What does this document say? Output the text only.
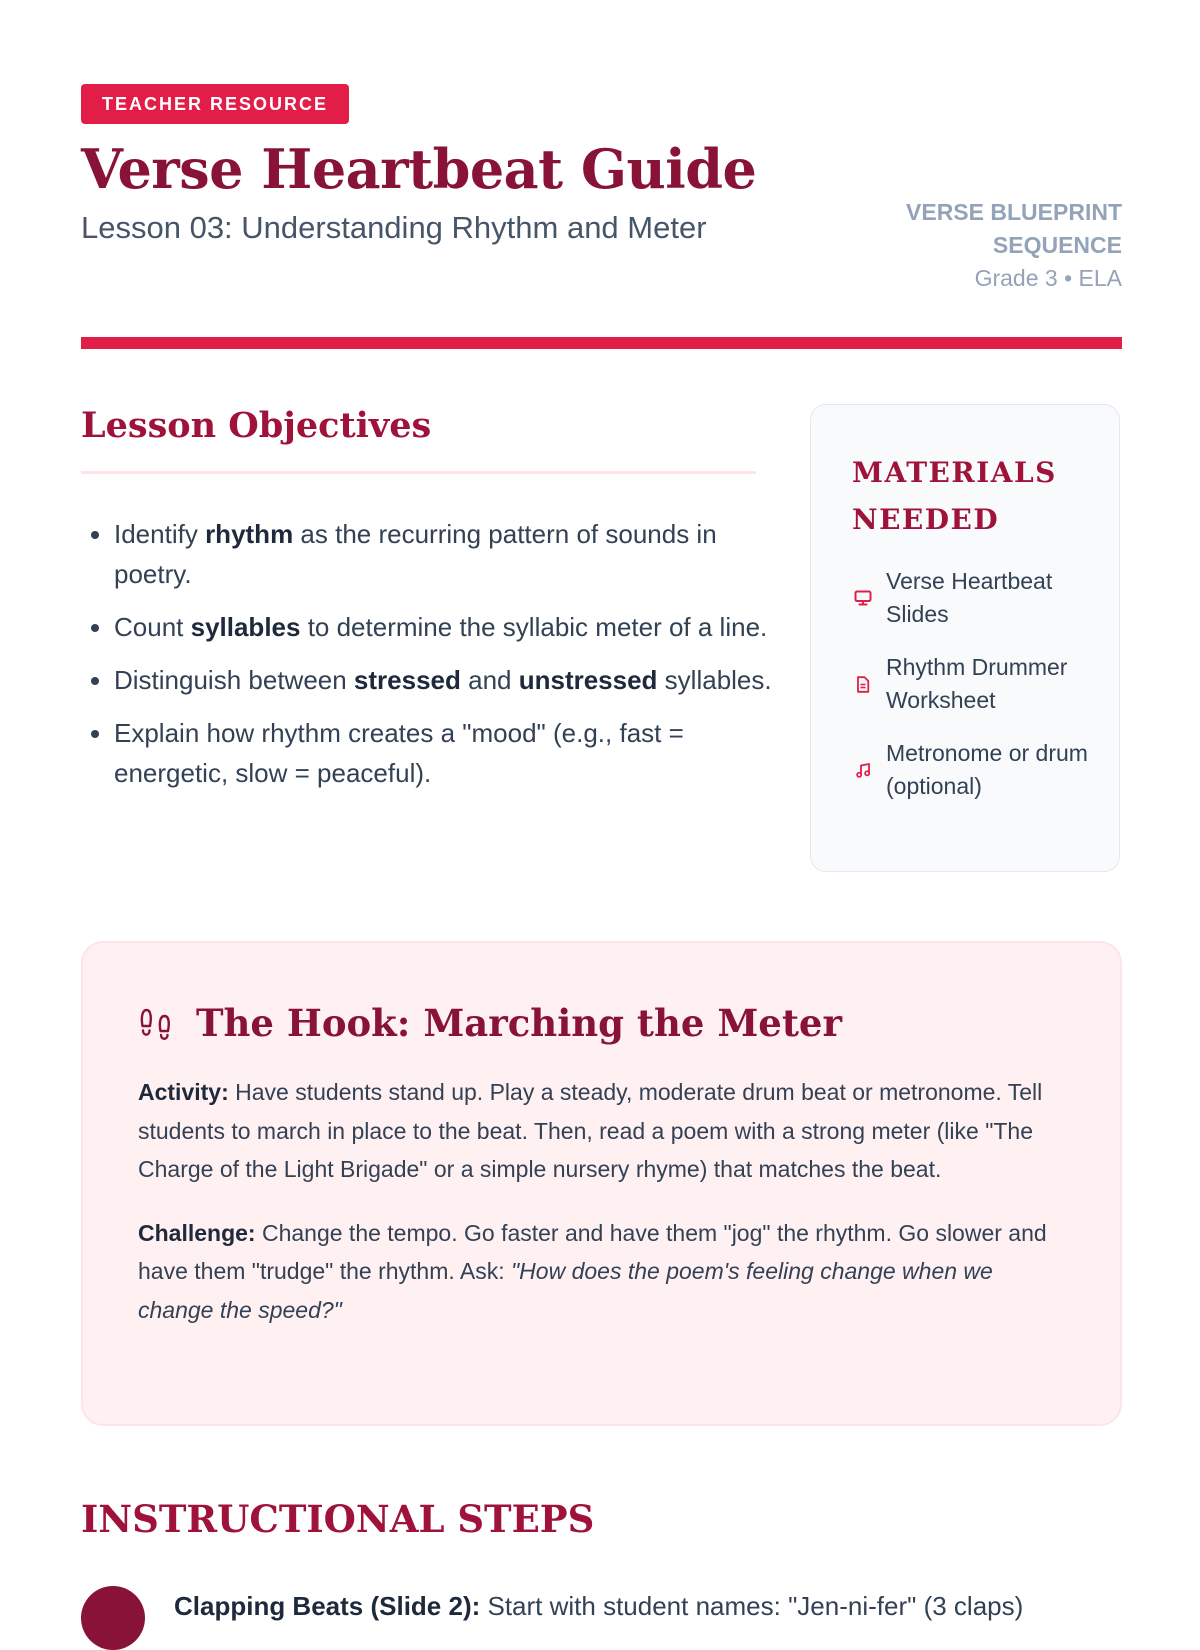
TEACHER RESOURCE
Verse Heartbeat Guide
Lesson 03: Understanding Rhythm and Meter	VERSE BLUEPRINT SEQUENCE
Grade 3 • ELA
Lesson Objectives
• Identify rhythm as the recurring pattern of sounds in poetry.
• Count syllables to determine the syllabic meter of a line.
• Distinguish between stressed and unstressed syllables.
• Explain how rhythm creates a "mood" (e.g., fast = energetic, slow = peaceful).
MATERIALS NEEDED
Verse Heartbeat Slides
Rhythm Drummer Worksheet
Metronome or drum (optional)
The Hook: Marching the Meter

Activity: Have students stand up. Play a steady, moderate drum beat or metronome. Tell students to march in place to the beat. Then, read a poem with a strong meter (like "The Charge of the Light Brigade" or a simple nursery rhyme) that matches the beat.

Challenge: Change the tempo. Go faster and have them "jog" the rhythm. Go slower and have them "trudge" the rhythm. Ask: "How does the poem's feeling change when we change the speed?"

INSTRUCTIONAL STEPS
Clapping Beats (Slide 2): Start with student names: "Jen-ni-fer" (3 claps)
